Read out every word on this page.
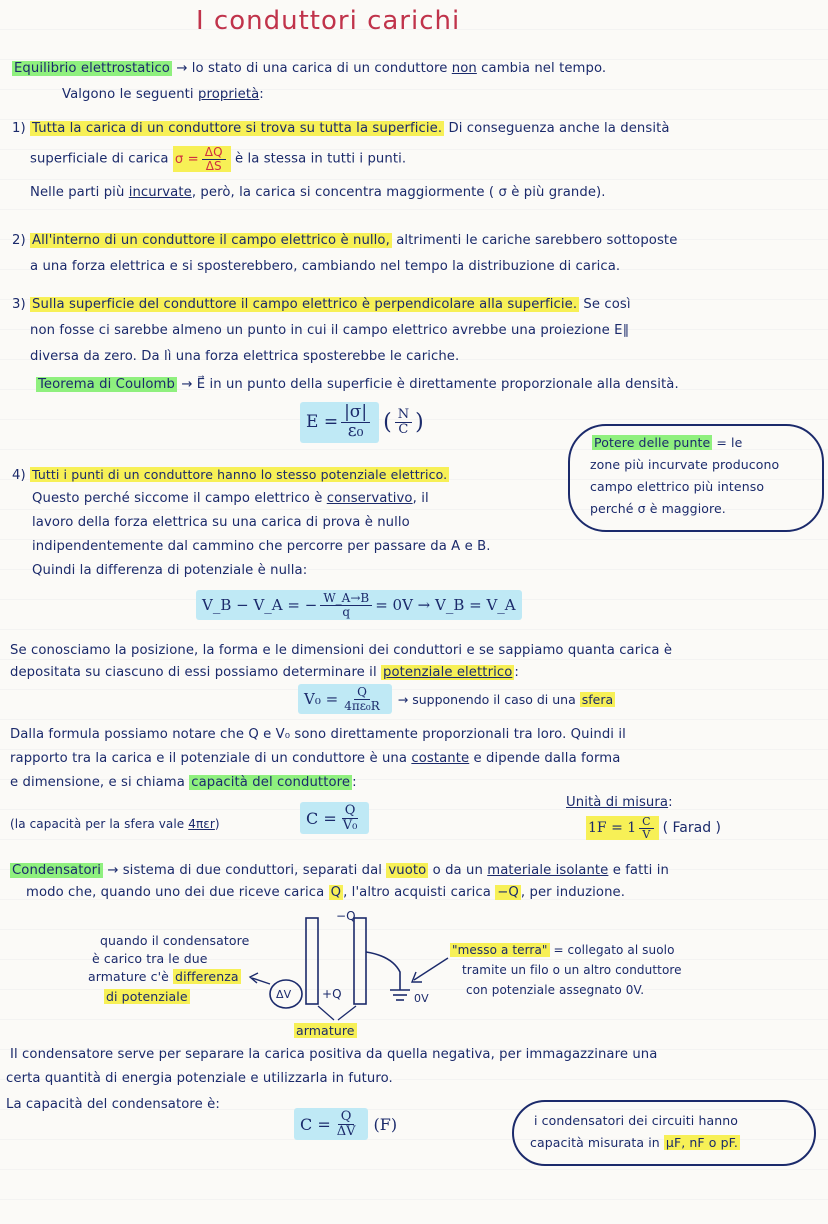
I conduttori carichi
Equilibrio elettrostatico → lo stato di una carica di un conduttore non cambia nel tempo.
Valgono le seguenti proprietà:
1) Tutta la carica di un conduttore si trova su tutta la superficie. Di conseguenza anche la densità
superficiale di carica $\sigma = \frac{\Delta Q}{\Delta S}$ è la stessa in tutti i punti.
Nelle parti più incurvate, però, la carica si concentra maggiormente ( σ è più grande).
2) All'interno di un conduttore il campo elettrico è nullo, altrimenti le cariche sarebbero sottoposte
a una forza elettrica e si sposterebbero, cambiando nel tempo la distribuzione di carica.
3) Sulla superficie del conduttore il campo elettrico è perpendicolare alla superficie. Se così
non fosse ci sarebbe almeno un punto in cui il campo elettrico avrebbe una proiezione E∥
diversa da zero. Da lì una forza elettrica sposterebbe le cariche.
Teorema di Coulomb → E⃗ in un punto della superficie è direttamente proporzionale alla densità.
$E = \frac{|\sigma|}{\text{ε₀}}$ ( $\frac{N}{C}$ )
Potere delle punte = le
zone più incurvate producono
campo elettrico più intenso
perché σ è maggiore.
4) Tutti i punti di un conduttore hanno lo stesso potenziale elettrico.
Questo perché siccome il campo elettrico è conservativo, il
lavoro della forza elettrica su una carica di prova è nullo
indipendentemente dal cammino che percorre per passare da A e B.
Quindi la differenza di potenziale è nulla:
V_B − V_A = − $\frac{W\_A\to B}{q} = 0V$ → V_B = V_A
Se conosciamo la posizione, la forma e le dimensioni dei conduttori e se sappiamo quanta carica è
depositata su ciascuno di essi possiamo determinare il potenziale elettrico :
$V_0 = \frac{Q}{\text{4πε₀R}}$ → supponendo il caso di una sfera
Dalla formula possiamo notare che Q e V₀ sono direttamente proporzionali tra loro. Quindi il
rapporto tra la carica e il potenziale di un conduttore è una costante e dipende dalla forma
e dimensione, e si chiama capacità del conduttore :
(la capacità per la sfera vale 4πεr)	$C = \frac{Q}{\text{V₀}}$
Unità di misura:
$1F = 1 \frac{C}{V}$ ( Farad )
Condensatori → sistema di due conduttori, separati dal vuoto o da un materiale isolante e fatti in
modo che, quando uno dei due riceve carica Q , l'altro acquisti carica −Q , per induzione.
quando il condensatore
è carico tra le due
armature c'è differenza
di potenziale	ΔV	+Q
−Q
0V
armature
"messo a terra" = collegato al suolo
tramite un filo o un altro conduttore
con potenziale assegnato 0V.
Il condensatore serve per separare la carica positiva da quella negativa, per immagazzinare una
certa quantità di energia potenziale e utilizzarla in futuro.
La capacità del condensatore è:
$C = \frac{Q}{\Delta V} (F)$	i condensatori dei circuiti hanno
capacità misurata in μF, nF o pF.
